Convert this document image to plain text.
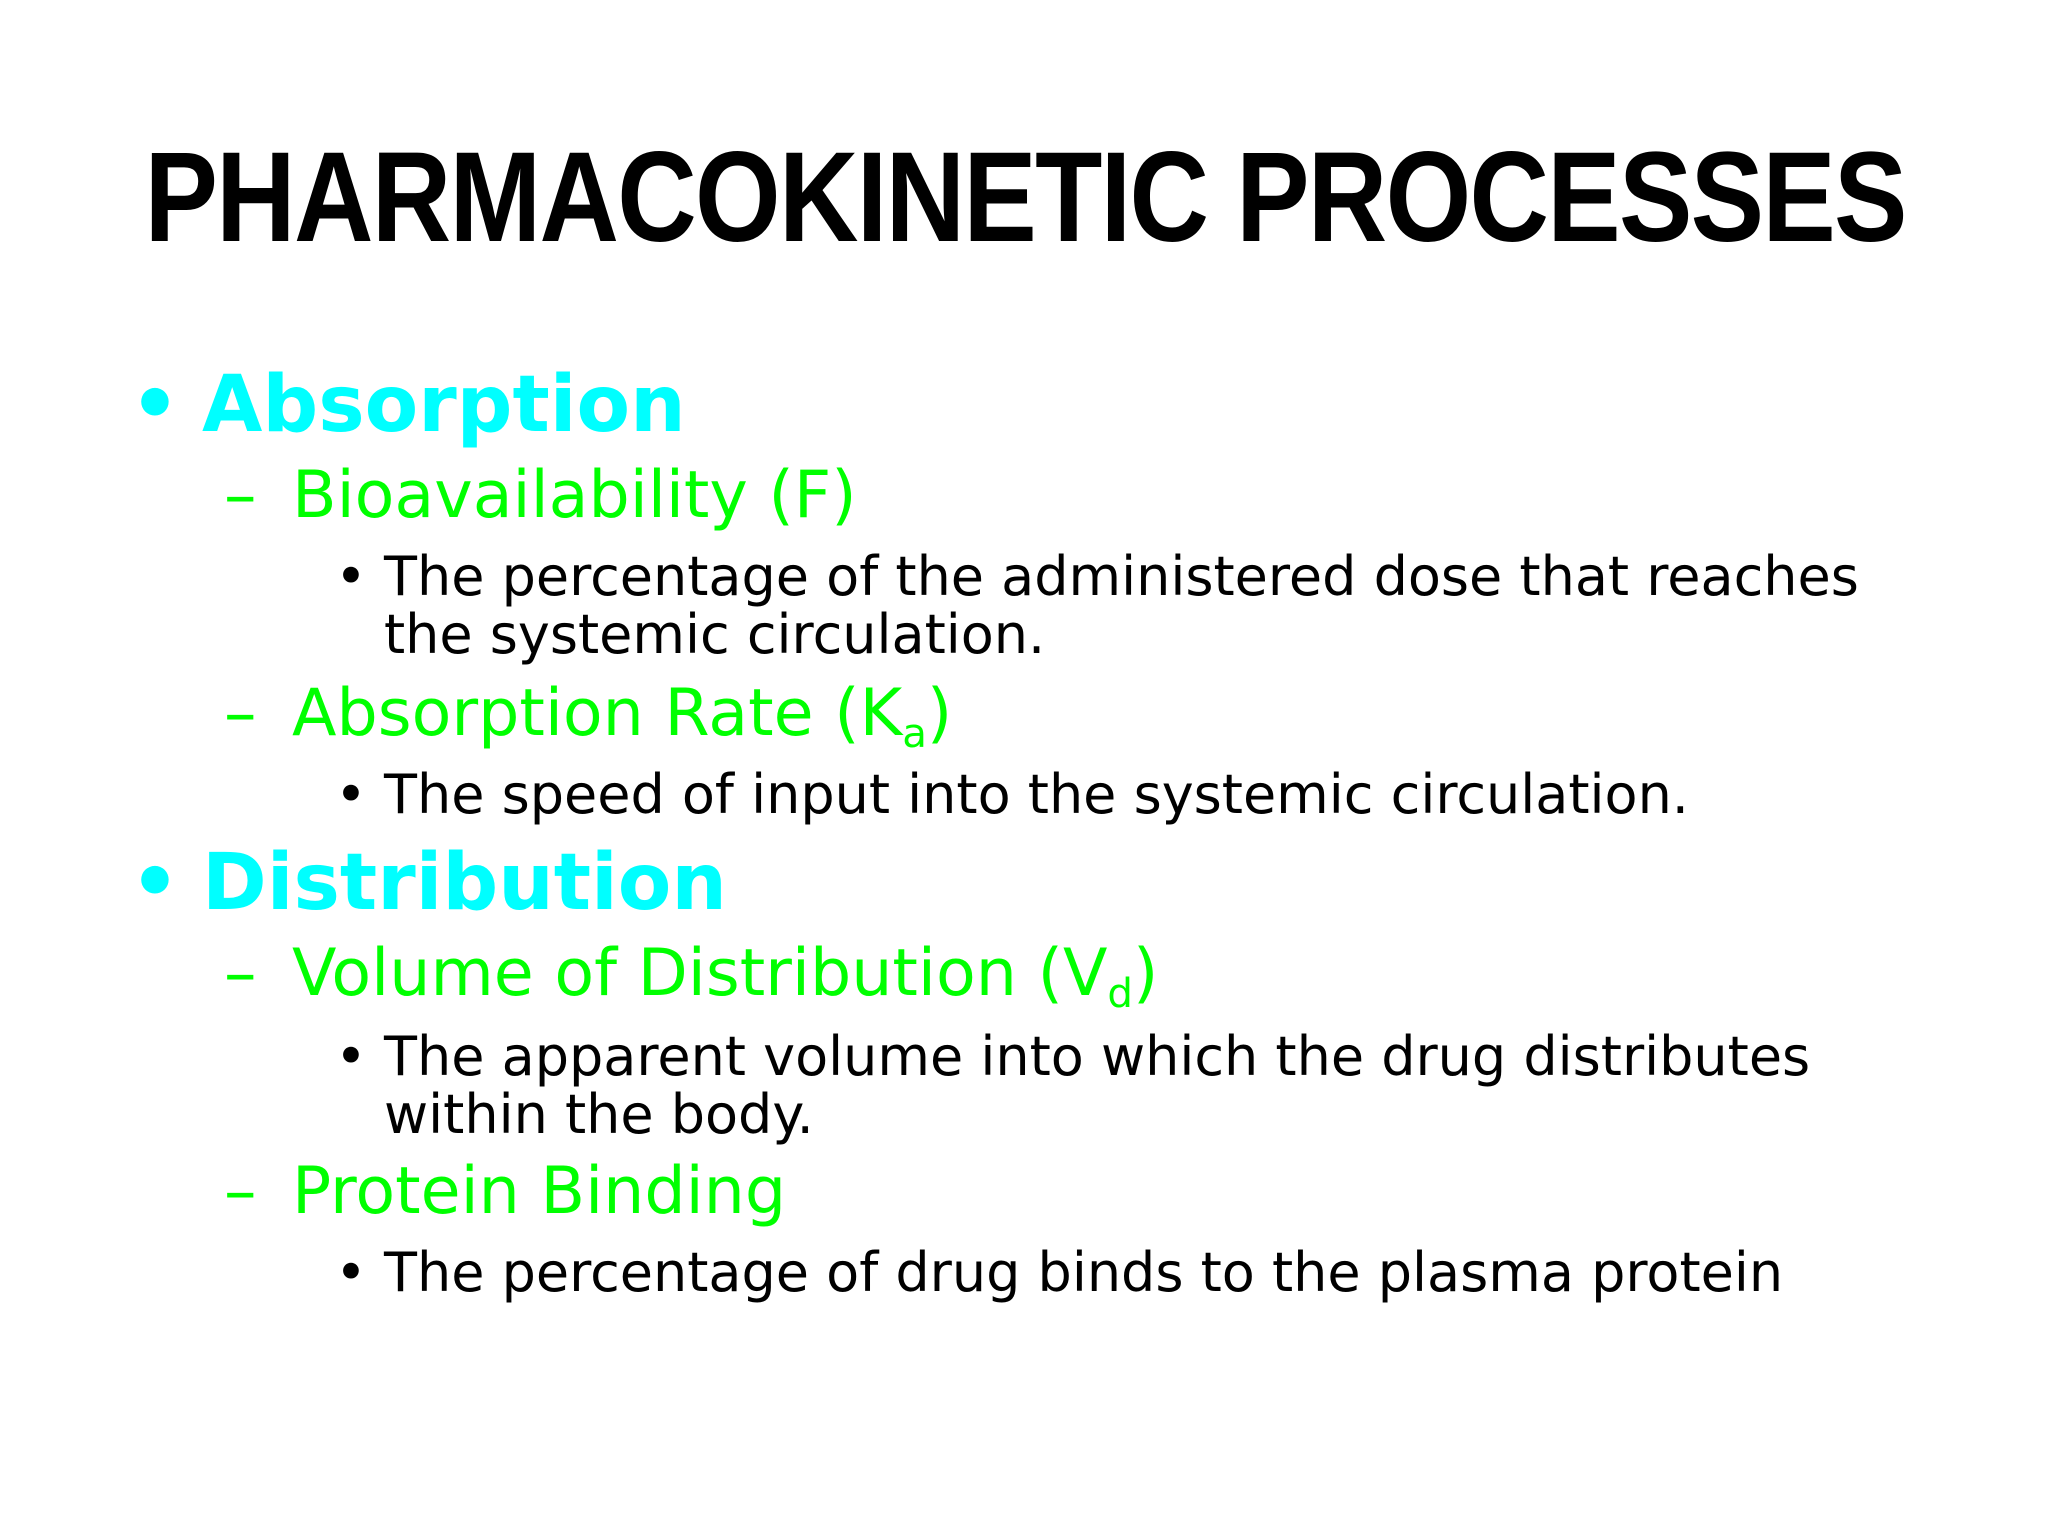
PHARMACOKINETIC PROCESSES
• Absorption
– Bioavailability (F)
• The percentage of the administered dose that reaches
the systemic circulation.
– Absorption Rate $(K_a)$
• The speed of input into the systemic circulation.
• Distribution
– Volume of Distribution $(V_d)$
• The apparent volume into which the drug distributes
within the body.
– Protein Binding
• The percentage of drug binds to the plasma protein
